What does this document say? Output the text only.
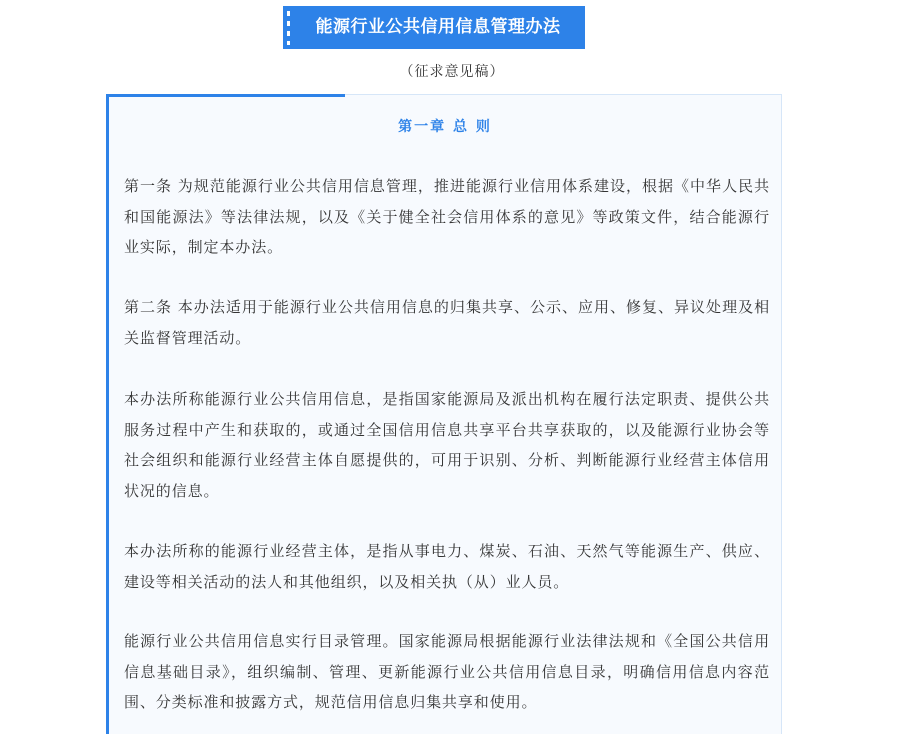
能源行业公共信用信息管理办法
（征求意见稿）
第一章 总 则

第一条 为规范能源行业公共信用信息管理，推进能源行业信用体系建设，根据《中华人民共和国能源法》等法律法规，以及《关于健全社会信用体系的意见》等政策文件，结合能源行业实际，制定本办法。

第二条 本办法适用于能源行业公共信用信息的归集共享、公示、应用、修复、异议处理及相关监督管理活动。

本办法所称能源行业公共信用信息，是指国家能源局及派出机构在履行法定职责、提供公共服务过程中产生和获取的，或通过全国信用信息共享平台共享获取的，以及能源行业协会等社会组织和能源行业经营主体自愿提供的，可用于识别、分析、判断能源行业经营主体信用状况的信息。

本办法所称的能源行业经营主体，是指从事电力、煤炭、石油、天然气等能源生产、供应、建设等相关活动的法人和其他组织，以及相关执（从）业人员。

能源行业公共信用信息实行目录管理。国家能源局根据能源行业法律法规和《全国公共信用信息基础目录》，组织编制、管理、更新能源行业公共信用信息目录，明确信用信息内容范围、分类标准和披露方式，规范信用信息归集共享和使用。
